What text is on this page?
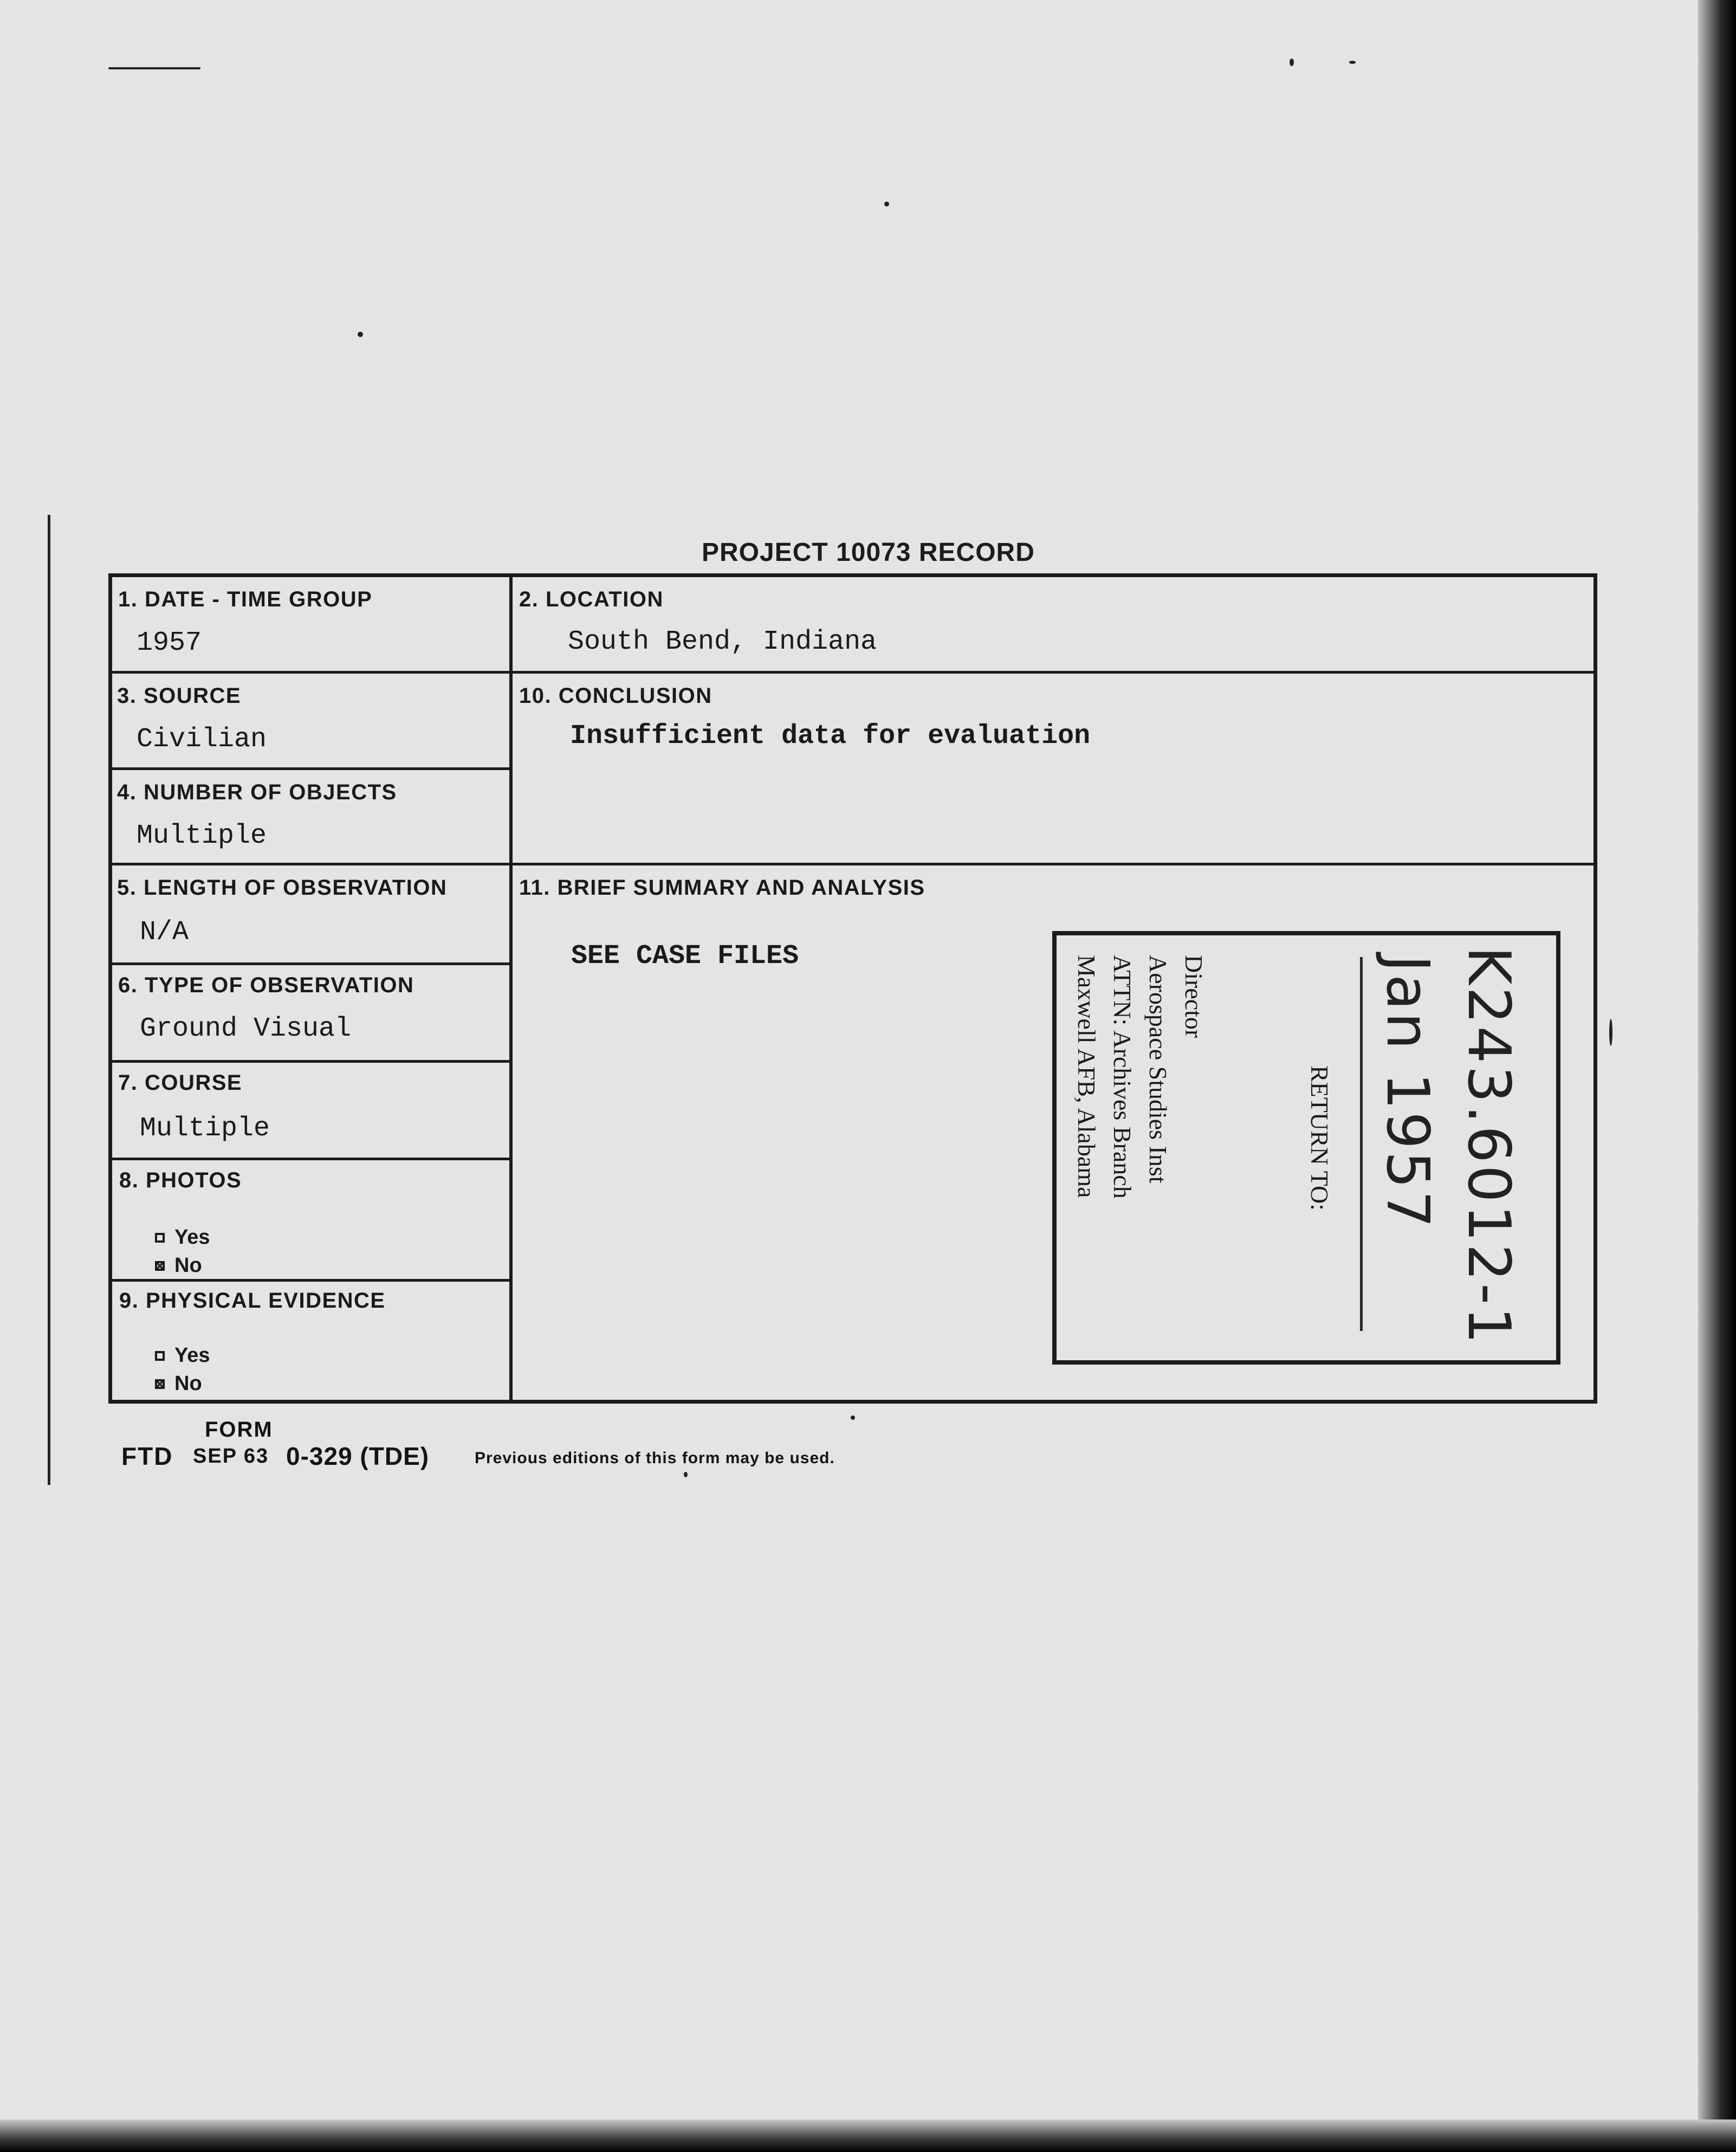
PROJECT 10073 RECORD
1. DATE - TIME GROUP
1957
2. LOCATION
South Bend, Indiana
3. SOURCE
Civilian
10. CONCLUSION
Insufficient data for evaluation
4. NUMBER OF OBJECTS
Multiple
5. LENGTH OF OBSERVATION
N/A
11. BRIEF SUMMARY AND ANALYSIS
SEE CASE FILES
6. TYPE OF OBSERVATION
Ground Visual
7. COURSE
Multiple
8. PHOTOS
Yes
No
9. PHYSICAL EVIDENCE
Yes
No
RETURN TO:
Director
Aerospace Studies Inst
ATTN: Archives Branch
Maxwell AFB, Alabama	K243.6012-1
Jan 1957
FORM
FTD SEP 63 0-329 (TDE)	Previous editions of this form may be used.
